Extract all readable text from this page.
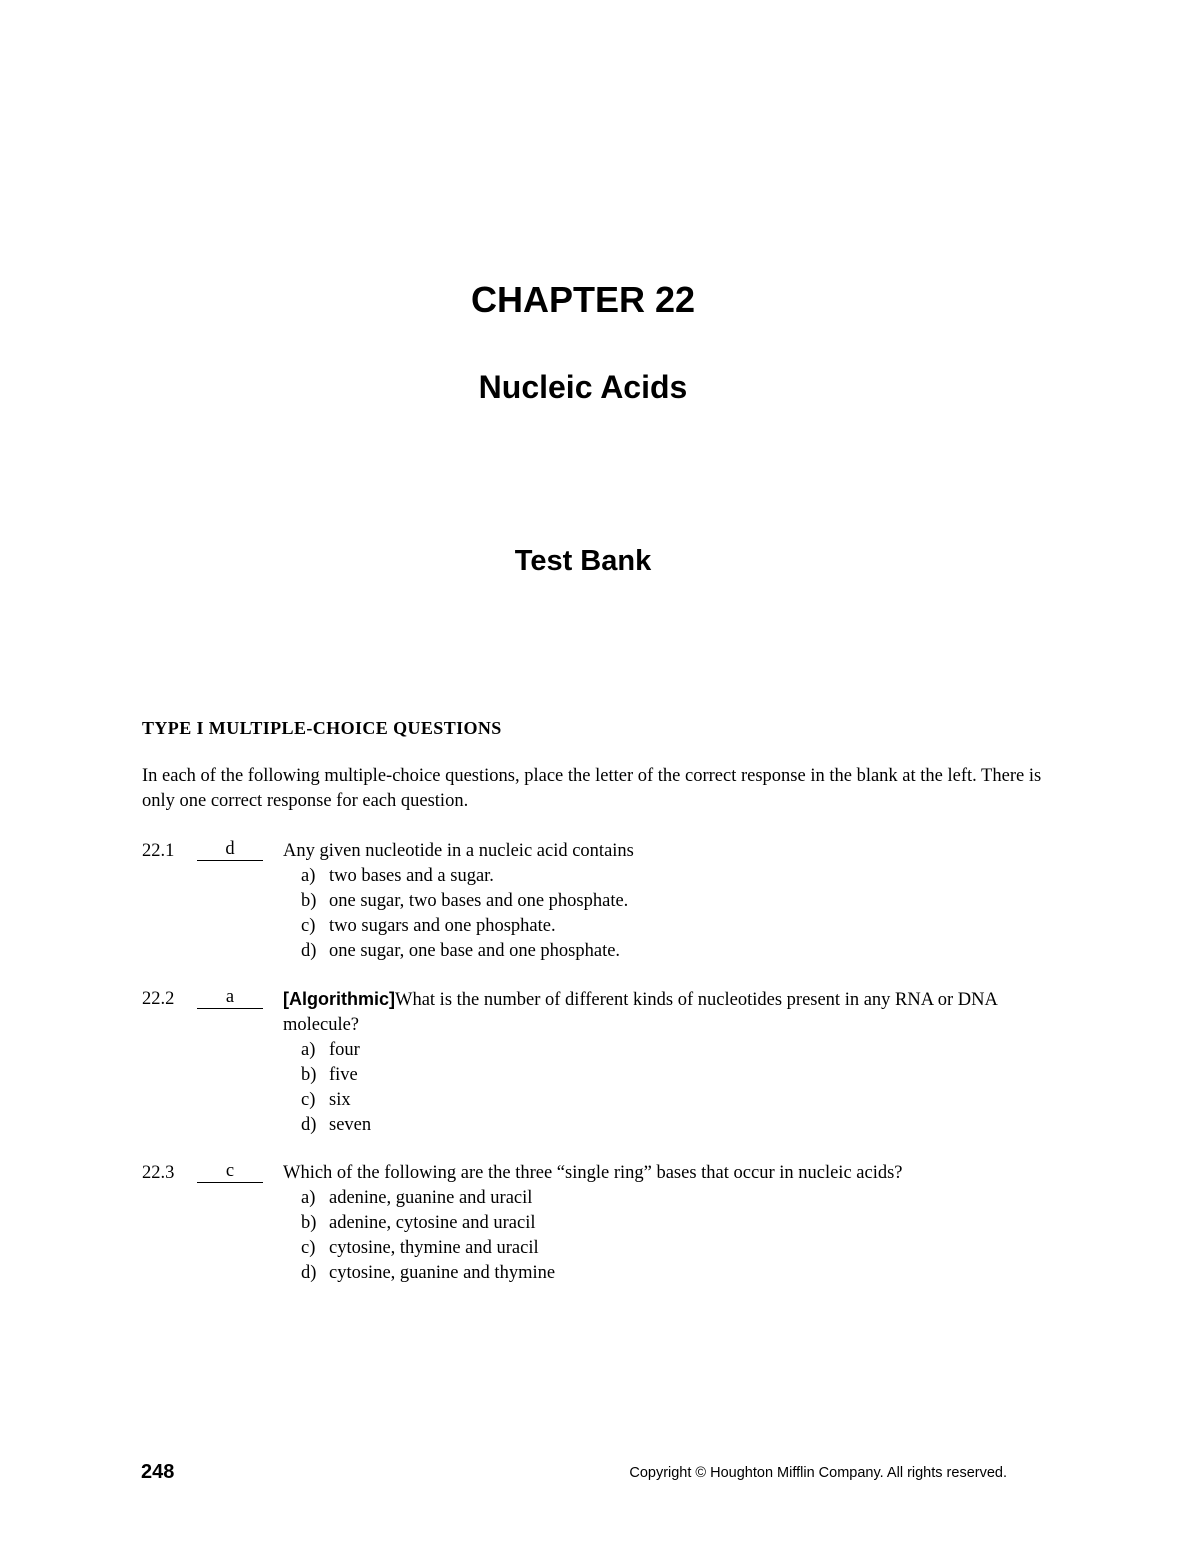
CHAPTER 22
Nucleic Acids
Test Bank
TYPE I MULTIPLE-CHOICE QUESTIONS

In each of the following multiple-choice questions, place the letter of the correct response in the blank at the left. There is only one correct response for each question.

22.1	d	Any given nucleotide in a nucleic acid contains
a) two bases and a sugar.
b) one sugar, two bases and one phosphate.
c) two sugars and one phosphate.
d) one sugar, one base and one phosphate.
22.2	a	[Algorithmic]What is the number of different kinds of nucleotides present in any RNA or DNA molecule?
a) four
b) five
c) six
d) seven
22.3	c	Which of the following are the three “single ring” bases that occur in nucleic acids?
a) adenine, guanine and uracil
b) adenine, cytosine and uracil
c) cytosine, thymine and uracil
d) cytosine, guanine and thymine
248	Copyright © Houghton Mifflin Company. All rights reserved.
